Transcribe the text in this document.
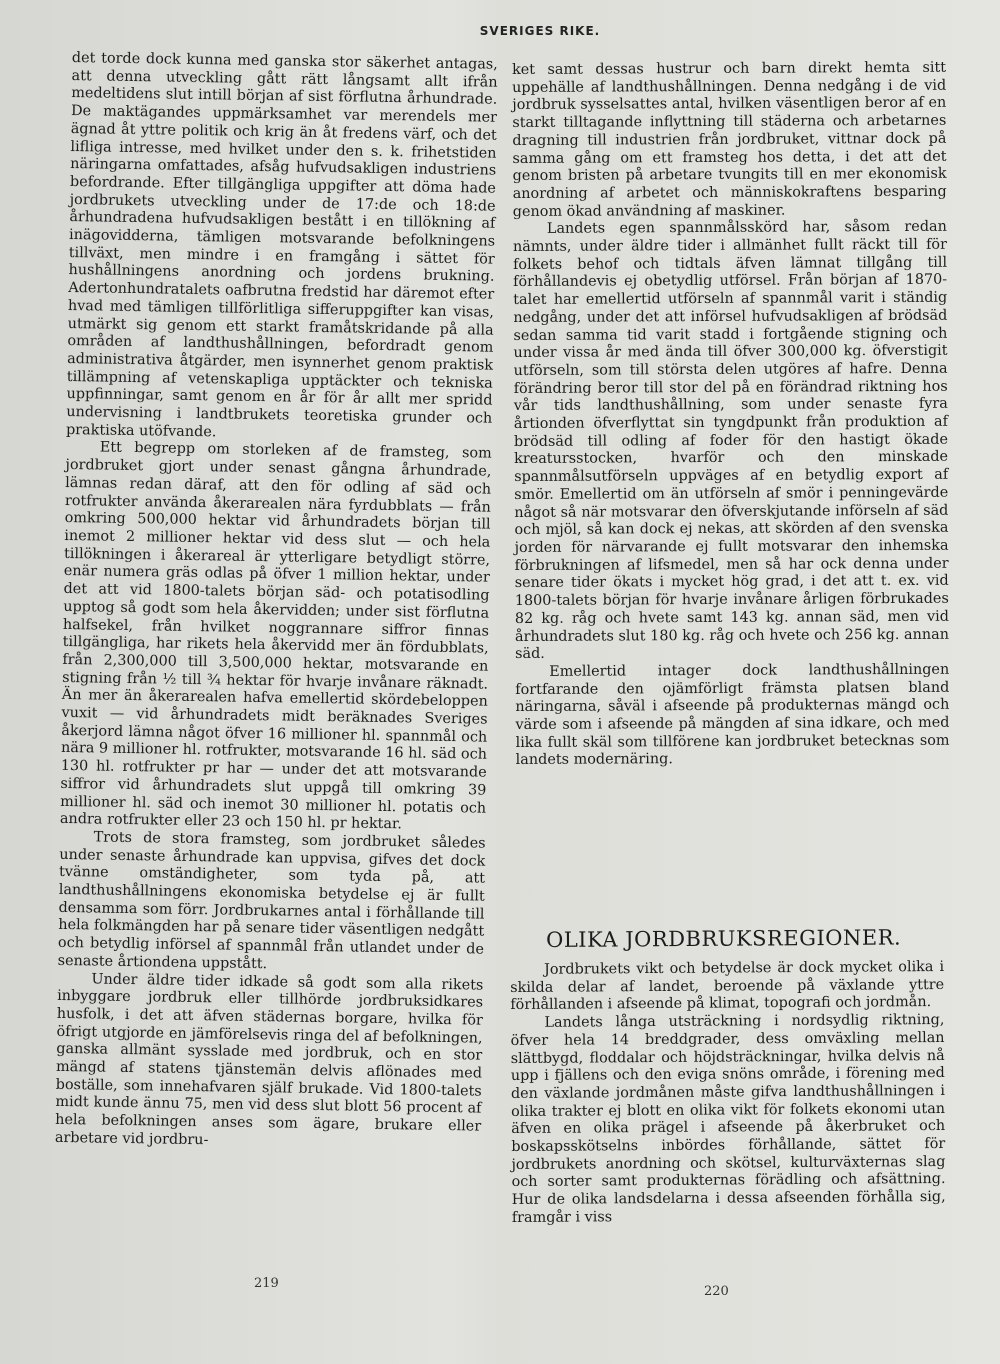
SVERIGES RIKE.

det torde dock kunna med ganska stor säkerhet antagas, att denna utveckling gått rätt långsamt allt ifrån medeltidens slut intill början af sist förflutna århundrade. De maktägandes uppmärksamhet var merendels mer ägnad åt yttre politik och krig än åt fredens värf, och det lifliga intresse, med hvilket under den s. k. frihetstiden näringarna omfattades, afsåg hufvudsakligen industriens befordrande. Efter tillgängliga uppgifter att döma hade jordbrukets utveckling under de 17:de och 18:de århundradena hufvudsakligen bestått i en tillökning af inägovidderna, tämligen motsvarande befolkningens tillväxt, men mindre i en framgång i sättet för hushållningens anordning och jordens brukning. Adertonhundratalets oafbrutna fredstid har däremot efter hvad med tämligen tillförlitliga sifferuppgifter kan visas, utmärkt sig genom ett starkt framåtskridande på alla områden af landthushållningen, befordradt genom administrativa åtgärder, men isynnerhet genom praktisk tillämpning af vetenskapliga upptäckter och tekniska uppfinningar, samt genom en år för år allt mer spridd undervisning i landtbrukets teoretiska grunder och praktiska utöfvande.

Ett begrepp om storleken af de framsteg, som jordbruket gjort under senast gångna århundrade, lämnas redan däraf, att den för odling af säd och rotfrukter använda åkerarealen nära fyrdubblats — från omkring 500,000 hektar vid århundradets början till inemot 2 millioner hektar vid dess slut — och hela tillökningen i åkerareal är ytterligare betydligt större, enär numera gräs odlas på öfver 1 million hektar, under det att vid 1800-talets början säd- och potatisodling upptog så godt som hela åkervidden; under sist förflutna halfsekel, från hvilket noggrannare siffror finnas tillgängliga, har rikets hela åkervidd mer än fördubblats, från 2,300,000 till 3,500,000 hektar, motsvarande en stigning från ½ till ¾ hektar för hvarje invånare räknadt. Än mer än åkerarealen hafva emellertid skördebeloppen vuxit — vid århundradets midt beräknades Sveriges åkerjord lämna något öfver 16 millioner hl. spannmål och nära 9 millioner hl. rotfrukter, motsvarande 16 hl. säd och 130 hl. rotfrukter pr har — under det att motsvarande siffror vid århundradets slut uppgå till omkring 39 millioner hl. säd och inemot 30 millioner hl. potatis och andra rotfrukter eller 23 och 150 hl. pr hektar.

Trots de stora framsteg, som jordbruket således under senaste århundrade kan uppvisa, gifves det dock tvänne omständigheter, som tyda på, att landthushållningens ekonomiska betydelse ej är fullt densamma som förr. Jordbrukarnes antal i förhållande till hela folkmängden har på senare tider väsentligen nedgått och betydlig införsel af spannmål från utlandet under de senaste årtiondena uppstått.

Under äldre tider idkade så godt som alla rikets inbyggare jordbruk eller tillhörde jordbruksidkares husfolk, i det att äfven städernas borgare, hvilka för öfrigt utgjorde en jämförelsevis ringa del af befolkningen, ganska allmänt sysslade med jordbruk, och en stor mängd af statens tjänstemän delvis aflönades med boställe, som innehafvaren själf brukade. Vid 1800-talets midt kunde ännu 75, men vid dess slut blott 56 procent af hela befolkningen anses som ägare, brukare eller arbetare vid jordbru-

ket samt dessas hustrur och barn direkt hemta sitt uppehälle af landthushållningen. Denna nedgång i de vid jordbruk sysselsattes antal, hvilken väsentligen beror af en starkt tilltagande inflyttning till städerna och arbetarnes dragning till industrien från jordbruket, vittnar dock på samma gång om ett framsteg hos detta, i det att det genom bristen på arbetare tvungits till en mer ekonomisk anordning af arbetet och människokraftens besparing genom ökad användning af maskiner.

Landets egen spannmålsskörd har, såsom redan nämnts, under äldre tider i allmänhet fullt räckt till för folkets behof och tidtals äfven lämnat tillgång till förhållandevis ej obetydlig utförsel. Från början af 1870-talet har emellertid utförseln af spannmål varit i ständig nedgång, under det att införsel hufvudsakligen af brödsäd sedan samma tid varit stadd i fortgående stigning och under vissa år med ända till öfver 300,000 kg. öfverstigit utförseln, som till största delen utgöres af hafre. Denna förändring beror till stor del på en förändrad riktning hos vår tids landthushållning, som under senaste fyra årtionden öfverflyttat sin tyngdpunkt från produktion af brödsäd till odling af foder för den hastigt ökade kreatursstocken, hvarför och den minskade spannmålsutförseln uppväges af en betydlig export af smör. Emellertid om än utförseln af smör i penningevärde något så när motsvarar den öfverskjutande införseln af säd och mjöl, så kan dock ej nekas, att skörden af den svenska jorden för närvarande ej fullt motsvarar den inhemska förbrukningen af lifsmedel, men så har ock denna under senare tider ökats i mycket hög grad, i det att t. ex. vid 1800-talets början för hvarje invånare årligen förbrukades 82 kg. råg och hvete samt 143 kg. annan säd, men vid århundradets slut 180 kg. råg och hvete och 256 kg. annan säd.

Emellertid intager dock landthushållningen fortfarande den ojämförligt främsta platsen bland näringarna, såväl i afseende på produkternas mängd och värde som i afseende på mängden af sina idkare, och med lika fullt skäl som tillförene kan jordbruket betecknas som landets modernäring.

OLIKA JORDBRUKSREGIONER.

Jordbrukets vikt och betydelse är dock mycket olika i skilda delar af landet, beroende på växlande yttre förhållanden i afseende på klimat, topografi och jordmån.

Landets långa utsträckning i nordsydlig riktning, öfver hela 14 breddgrader, dess omväxling mellan slättbygd, floddalar och höjdsträckningar, hvilka delvis nå upp i fjällens och den eviga snöns område, i förening med den växlande jordmånen måste gifva landthushållningen i olika trakter ej blott en olika vikt för folkets ekonomi utan äfven en olika prägel i afseende på åkerbruket och boskapsskötselns inbördes förhållande, sättet för jordbrukets anordning och skötsel, kulturväxternas slag och sorter samt produkternas förädling och afsättning. Hur de olika landsdelarna i dessa afseenden förhålla sig, framgår i viss

219
220
